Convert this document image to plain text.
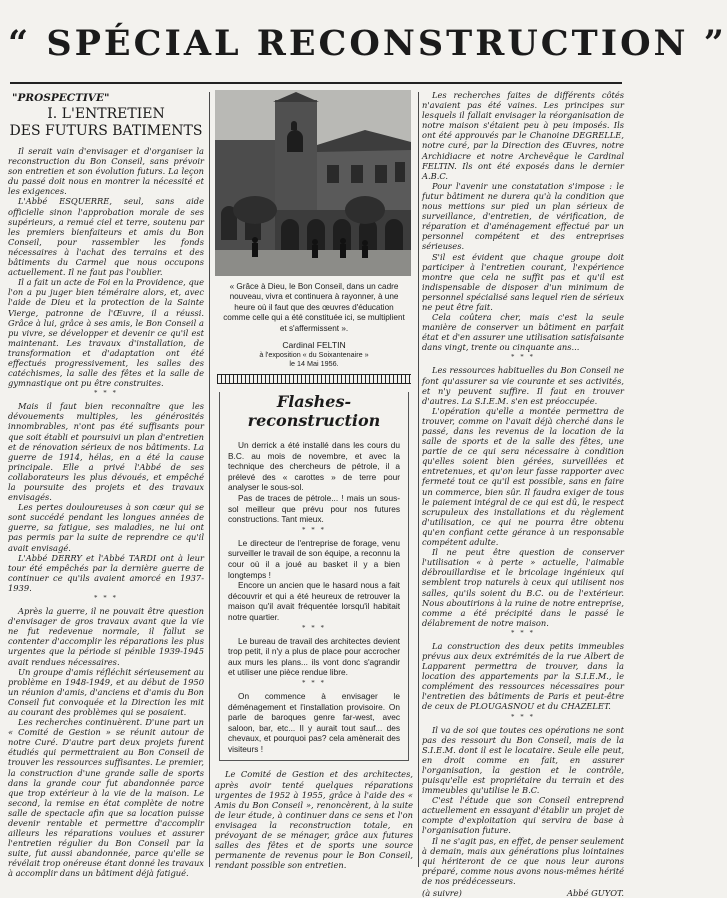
“ SPÉCIAL RECONSTRUCTION ”
"PROSPECTIVE"
I. L'ENTRETIEN
DES FUTURS BATIMENTS

Il serait vain d'envisager et d'organiser la reconstruction du Bon Conseil, sans prévoir son entretien et son évolution futurs. La leçon du passé doit nous en montrer la nécessité et les exigences.

L'Abbé ESQUERRE, seul, sans aide officielle sinon l'approbation morale de ses supérieurs, a remué ciel et terre, soutenu par les premiers bienfaiteurs et amis du Bon Conseil, pour rassembler les fonds nécessaires à l'achat des terrains et des bâtiments du Carmel que nous occupons actuellement. Il ne faut pas l'oublier.

Il a fait un acte de Foi en la Providence, que l'on a pu juger bien téméraire alors, et, avec l'aide de Dieu et la protection de la Sainte Vierge, patronne de l'Œuvre, il a réussi. Grâce à lui, grâce à ses amis, le Bon Conseil a pu vivre, se développer et devenir ce qu'il est maintenant. Les travaux d'installation, de transformation et d'adaptation ont été effectués progressivement, les salles des catéchismes, la salle des fêtes et la salle de gymnastique ont pu être construites.

* * *

Mais il faut bien reconnaître que les dévouements multiples, les générosités innombrables, n'ont pas été suffisants pour que soit établi et poursuivi un plan d'entretien et de rénovation sérieux de nos bâtiments. La guerre de 1914, hélas, en a été la cause principale. Elle a privé l'Abbé de ses collaborateurs les plus dévoués, et empêché la poursuite des projets et des travaux envisagés.

Les pertes douloureuses à son cœur qui se sont succédé pendant les longues années de guerre, sa fatigue, ses maladies, ne lui ont pas permis par la suite de reprendre ce qu'il avait envisagé.

L'Abbé DERRY et l'Abbé TARDI ont à leur tour été empêchés par la dernière guerre de continuer ce qu'ils avaient amorcé en 1937-1939.

* * *

Après la guerre, il ne pouvait être question d'envisager de gros travaux avant que la vie ne fut redevenue normale, il fallut se contenter d'accomplir les réparations les plus urgentes que la période si pénible 1939-1945 avait rendues nécessaires.

Un groupe d'amis réfléchit sérieusement au problème en 1948-1949, et au début de 1950 un réunion d'amis, d'anciens et d'amis du Bon Conseil fut convoquée et la Direction les mit au courant des problèmes qui se posaient.

Les recherches continuèrent. D'une part un « Comité de Gestion » se réunit autour de notre Curé. D'autre part deux projets furent étudiés qui permettraient au Bon Conseil de trouver les ressources suffisantes. Le premier, la construction d'une grande salle de sports dans la grande cour fut abandonnée parce que trop extérieur à la vie de la maison. Le second, la remise en état complète de notre salle de spectacle afin que sa location puisse devenir rentable et permettre d'accomplir ailleurs les réparations voulues et assurer l'entretien régulier du Bon Conseil par la suite, fut aussi abandonnée, parce qu'elle se révélait trop onéreuse étant donné les travaux à accomplir dans un bâtiment déjà fatigué.

« Grâce à Dieu, le Bon Conseil, dans un cadre nouveau, vivra et continuera à rayonner, à une heure où il faut que des œuvres d'éducation comme celle qui a été constituée ici, se multiplient et s'affermissent ».
Cardinal FELTIN
à l'exposition « du Soixantenaire »
le 14 Mai 1956.
Flashes-reconstruction

Un derrick a été installé dans les cours du B.C. au mois de novembre, et avec la technique des chercheurs de pétrole, il a prélevé des « carottes » de terre pour analyser le sous-sol.

Pas de traces de pétrole... ! mais un sous-sol meilleur que prévu pour nos futures constructions. Tant mieux.

* * *

Le directeur de l'entreprise de forage, venu surveiller le travail de son équipe, a reconnu la cour où il a joué au basket il y a bien longtemps !

Encore un ancien que le hasard nous a fait découvrir et qui a été heureux de retrouver la maison qu'il avait fréquentée lorsqu'il habitait notre quartier.

* * *

Le bureau de travail des architectes devient trop petit, il n'y a plus de place pour accrocher aux murs les plans... ils vont donc s'agrandir et utiliser une pièce rendue libre.

* * *

On commence à envisager le déménagement et l'installation provisoire. On parle de baroques genre far-west, avec saloon, bar, etc... Il y aurait tout sauf... des chevaux, et pourquoi pas? cela amènerait des visiteurs !

Le Comité de Gestion et des architectes, après avoir tenté quelques réparations urgentes de 1952 à 1955, grâce à l'aide des « Amis du Bon Conseil », renoncèrent, à la suite de leur étude, à continuer dans ce sens et l'on envisagea la reconstruction totale, en prévoyant de se ménager, grâce aux futures salles des fêtes et de sports une source permanente de revenus pour le Bon Conseil, rendant possible son entretien.

Les recherches faites de différents côtés n'avaient pas été vaines. Les principes sur lesquels il fallait envisager la réorganisation de notre maison s'étaient peu à peu imposés. Ils ont été approuvés par le Chanoine DEGRELLE, notre curé, par la Direction des Œuvres, notre Archidiacre et notre Archevêque le Cardinal FELTIN. Ils ont été exposés dans le dernier A.B.C.

Pour l'avenir une constatation s'impose : le futur bâtiment ne durera qu'à la condition que nous mettions sur pied un plan sérieux de surveillance, d'entretien, de vérification, de réparation et d'aménagement effectué par un personnel compétent et des entreprises sérieuses.

S'il est évident que chaque groupe doit participer à l'entretien courant, l'expérience montre que cela ne suffit pas et qu'il est indispensable de disposer d'un minimum de personnel spécialisé sans lequel rien de sérieux ne peut être fait.

Cela coûtera cher, mais c'est la seule manière de conserver un bâtiment en parfait état et d'en assurer une utilisation satisfaisante dans vingt, trente ou cinquante ans...

* * *

Les ressources habituelles du Bon Conseil ne font qu'assurer sa vie courante et ses activités, et n'y peuvent suffire. Il faut en trouver d'autres. La S.I.E.M. s'en est préoccupée.

L'opération qu'elle a montée permettra de trouver, comme on l'avait déjà cherché dans le passé, dans les revenus de la location de la salle de sports et de la salle des fêtes, une partie de ce qui sera nécessaire à condition qu'elles soient bien gérées, surveillées et entretenues, et qu'on leur fasse rapporter avec fermeté tout ce qu'il est possible, sans en faire un commerce, bien sûr. Il faudra exiger de tous le paiement intégral de ce qui est dû, le respect scrupuleux des installations et du règlement d'utilisation, ce qui ne pourra être obtenu qu'en confiant cette gérance à un responsable compétent adulte.

Il ne peut être question de conserver l'utilisation « à perte » actuelle, l'aimable débrouillardise et le bricolage ingénieux qui semblent trop naturels à ceux qui utilisent nos salles, qu'ils soient du B.C. ou de l'extérieur. Nous aboutirions à la ruine de notre entreprise, comme a été précipité dans le passé le délabrement de notre maison.

* * *

La construction des deux petits immeubles prévus aux deux extrémités de la rue Albert de Lapparent permettra de trouver, dans la location des appartements par la S.I.E.M., le complément des ressources nécessaires pour l'entretien des bâtiments de Paris et peut-être de ceux de PLOUGASNOU et du CHAZELET.

* * *

Il va de soi que toutes ces opérations ne sont pas des ressourt du Bon Conseil, mais de la S.I.E.M. dont il est le locataire. Seule elle peut, en droit comme en fait, en assurer l'organisation, la gestion et le contrôle, puisqu'elle est propriétaire du terrain et des immeubles qu'utilise le B.C.

C'est l'étude que son Conseil entreprend actuellement en essayant d'établir un projet de compte d'exploitation qui servira de base à l'organisation future.

Il ne s'agit pas, en effet, de penser seulement à demain, mais aux générations plus lointaines qui hériteront de ce que nous leur aurons préparé, comme nous avons nous-mêmes hérité de nos prédécesseurs.

(à suivre)	Abbé GUYOT.
